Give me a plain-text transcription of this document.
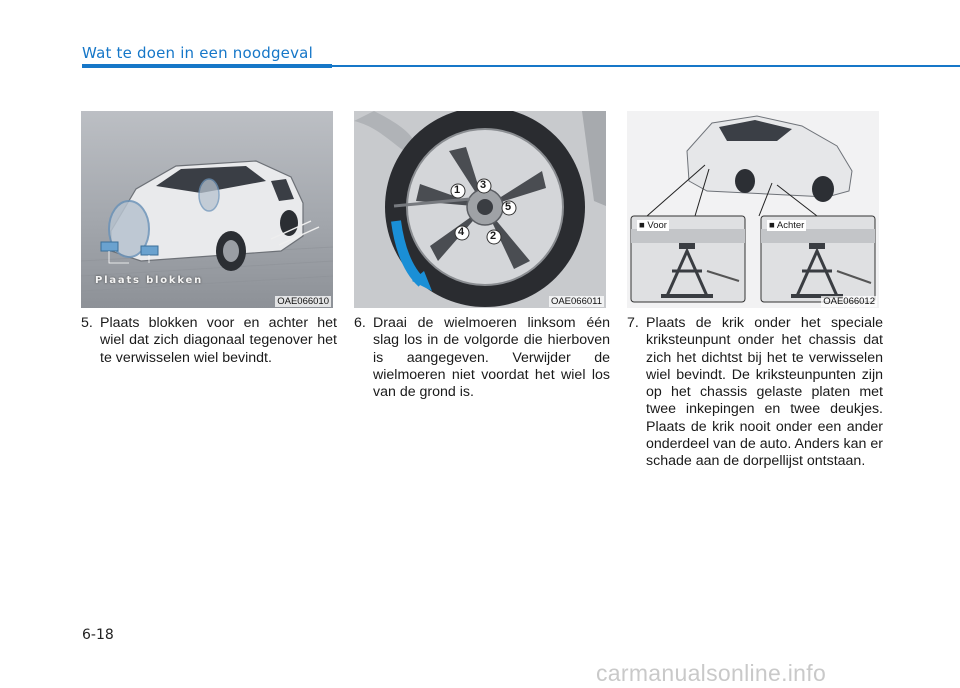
Wat te doen in een noodgeval
Plaats blokken
OAE066010
1
2
3
4
5
OAE066011
■ Voor	■ Achter
OAE066012
5. Plaats blokken voor en achter het wiel dat zich diagonaal tegenover het te verwisselen wiel bevindt.
6. Draai de wielmoeren linksom één slag los in de volgorde die hierboven is aangegeven. Verwijder de wielmoeren niet voordat het wiel los van de grond is.
7. Plaats de krik onder het speciale kriksteunpunt onder het chassis dat zich het dichtst bij het te verwisselen wiel bevindt. De kriksteunpunten zijn op het chassis gelaste platen met twee inkepingen en twee deukjes. Plaats de krik nooit onder een ander onderdeel van de auto. Anders kan er schade aan de dorpellijst ontstaan.
6-18
carmanualsonline.info
